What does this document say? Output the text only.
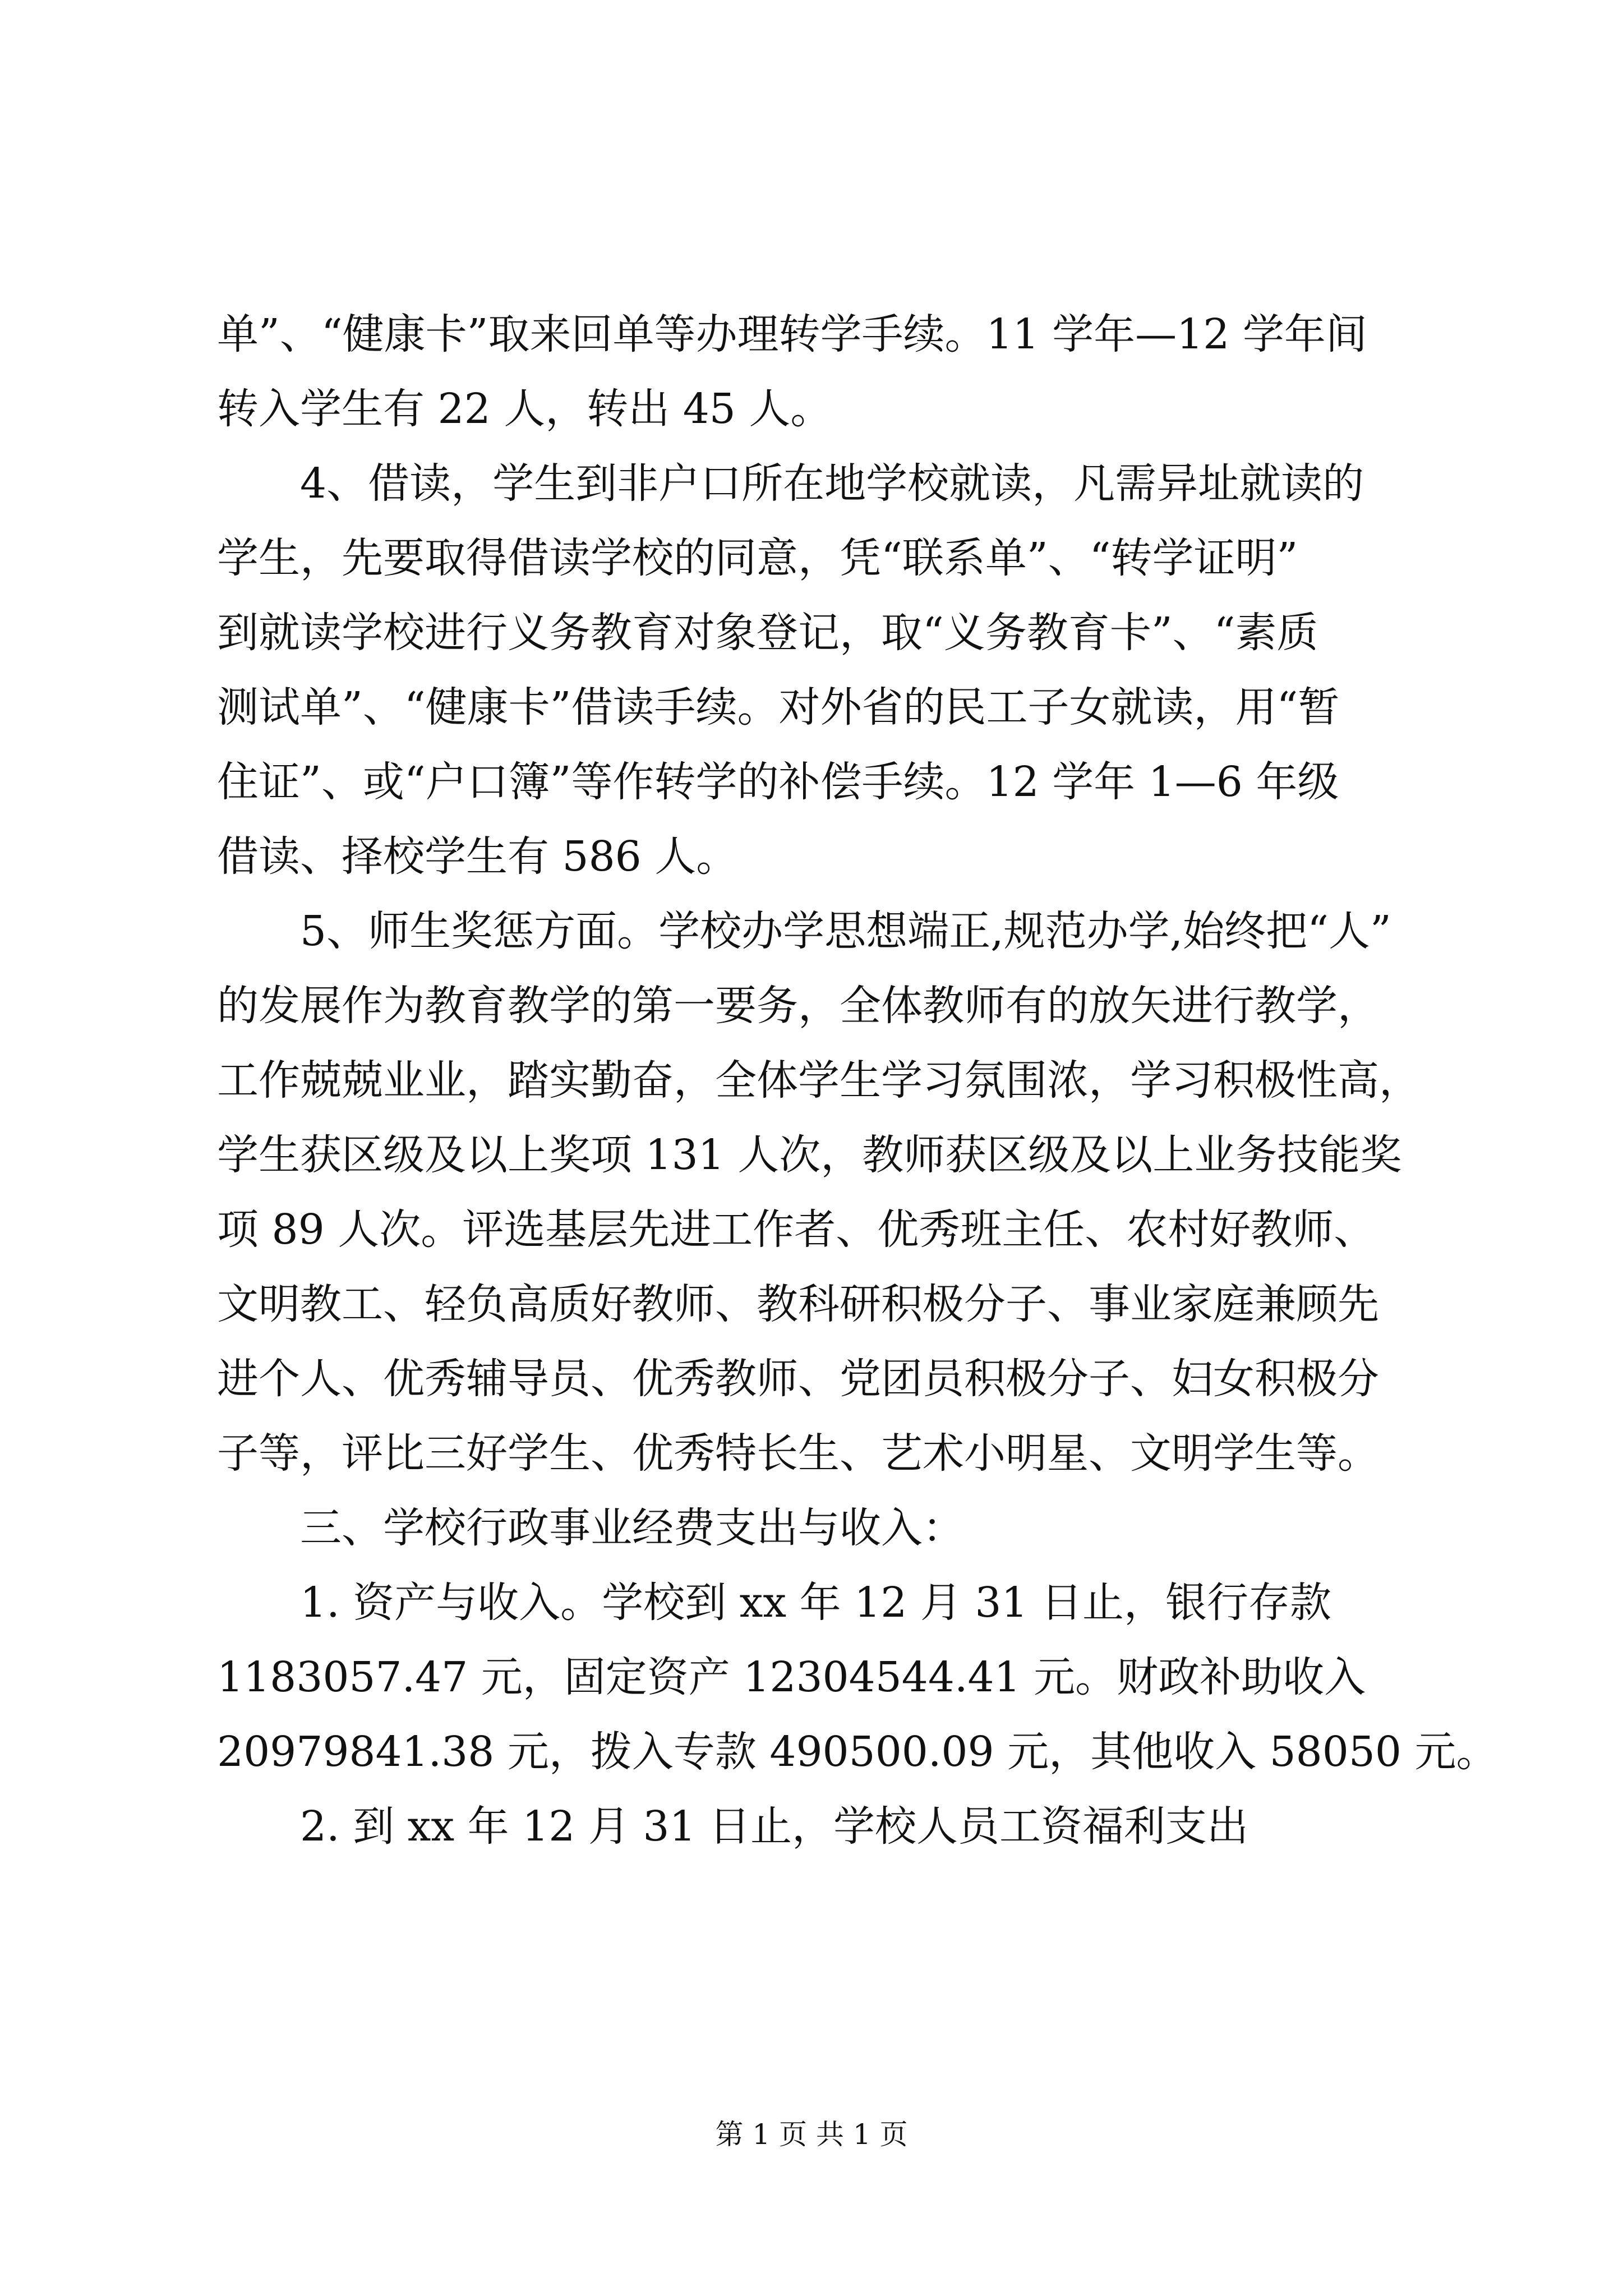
单”、“健康卡”取来回单等办理转学手续。11 学年—12 学年间
转入学生有 22 人，转出 45 人。
　　4、借读，学生到非户口所在地学校就读，凡需异址就读的
学生，先要取得借读学校的同意，凭“联系单”、“转学证明”
到就读学校进行义务教育对象登记，取“义务教育卡”、“素质
测试单”、“健康卡”借读手续。对外省的民工子女就读，用“暂
住证”、或“户口簿”等作转学的补偿手续。12 学年 1—6 年级
借读、择校学生有 586 人。
　　5、师生奖惩方面。学校办学思想端正,规范办学,始终把“人”
的发展作为教育教学的第一要务，全体教师有的放矢进行教学，
工作兢兢业业，踏实勤奋，全体学生学习氛围浓，学习积极性高，
学生获区级及以上奖项 131 人次，教师获区级及以上业务技能奖
项 89 人次。评选基层先进工作者、优秀班主任、农村好教师、
文明教工、轻负高质好教师、教科研积极分子、事业家庭兼顾先
进个人、优秀辅导员、优秀教师、党团员积极分子、妇女积极分
子等，评比三好学生、优秀特长生、艺术小明星、文明学生等。
　　三、学校行政事业经费支出与收入：
　　1. 资产与收入。学校到 xx 年 12 月 31 日止，银行存款
1183057.47 元，固定资产 12304544.41 元。财政补助收入
20979841.38 元，拨入专款 490500.09 元，其他收入 58050 元。
　　2. 到 xx 年 12 月 31 日止，学校人员工资福利支出
第 1 页 共 1 页
